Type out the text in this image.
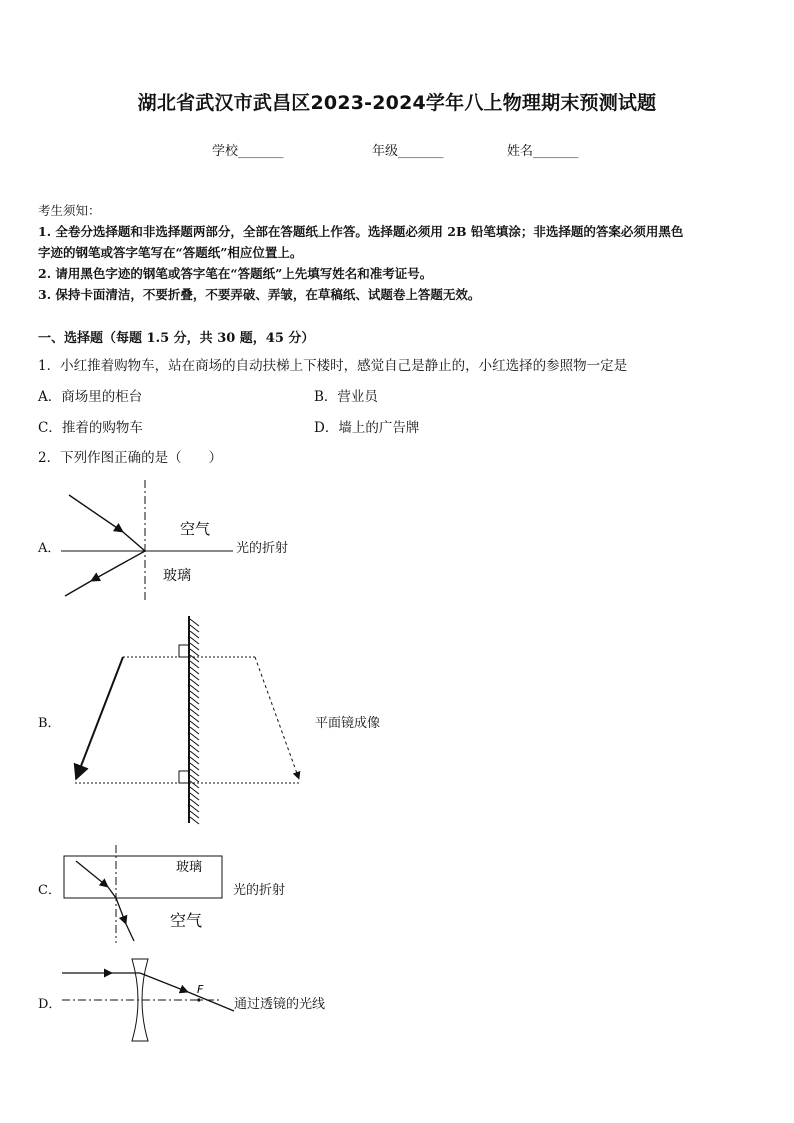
湖北省武汉市武昌区2023-2024学年八上物理期末预测试题
学校_______	年级_______	姓名_______
考生须知：
1. 全卷分选择题和非选择题两部分，全部在答题纸上作答。选择题必须用 2B 铅笔填涂；非选择题的答案必须用黑色
字迹的钢笔或答字笔写在“答题纸”相应位置上。
2. 请用黑色字迹的钢笔或答字笔在“答题纸”上先填写姓名和准考证号。
3. 保持卡面清洁，不要折叠，不要弄破、弄皱，在草稿纸、试题卷上答题无效。
一、选择题（每题 1.5 分，共 30 题，45 分）
1．小红推着购物车，站在商场的自动扶梯上下楼时，感觉自己是静止的，小红选择的参照物一定是
A．商场里的柜台	B．营业员
C．推着的购物车	D．墙上的广告牌
2．下列作图正确的是（　　）
A．
空气
玻璃
光的折射
B．	平面镜成像
C．
玻璃
空气
光的折射
D．
F
通过透镜的光线
